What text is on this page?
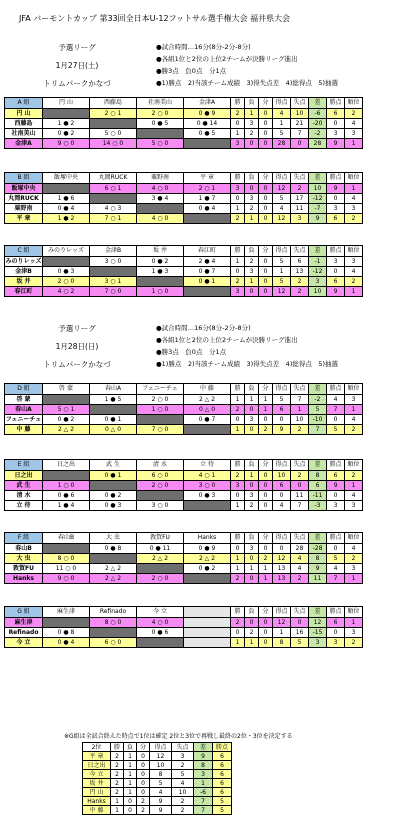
JFA バーモントカップ 第33回全日本U-12フットサル選手権大会 福井県大会
予選リーグ
1月27日(土)
トリムパークかなづ
●試合時間…16分(8分-2分-8分)
●各組1位と2位の上位2チームが決勝リーグ進出
●勝3点　負0点　分1点
●1)勝点　2)当該チーム成績　3)得失点差　4)総得点　5)抽選
予選リーグ
1月28日(日)
トリムパークかなづ
●試合時間…16分(8分-2分-8分)
●各組1位と2位の上位2チームが決勝リーグ進出
●勝3点　負0点　分1点
●1)勝点　2)当該チーム成績　3)得失点差　4)総得点　5)抽選
A 組	円 山	西藤島	社南美山	金津A	勝	負	分	得点	失点	差	勝点	順位
円 山		2 ○ 1	2 ○ 0	0 ● 9	2	1	0	4	10	-6	6	2
西藤島	1 ● 2		0 ● 5	0 ● 14	0	3	0	1	21	-20	0	4
社南美山	0 ● 2	5 ○ 0		0 ● 5	1	2	0	5	7	-2	3	3
金津A	9 ○ 0	14 ○ 0	5 ○ 0		3	0	0	28	0	28	9	1
B 組	飯塚中央	丸岡RUCK	粟野南	平 章	勝	負	分	得点	失点	差	勝点	順位
飯塚中央		6 ○ 1	4 ○ 0	2 ○ 1	3	0	0	12	2	10	9	1
丸岡RUCK	1 ● 6		3 ● 4	1 ● 7	0	3	0	5	17	-12	0	4
粟野南	0 ● 4	4 ○ 3		0 ● 4	1	2	0	4	11	-7	3	3
平 章	1 ● 2	7 ○ 1	4 ○ 0		2	1	0	12	3	9	6	2
C 組	みのりレッズ	金津B	坂 井	春江町	勝	負	分	得点	失点	差	勝点	順位
みのりレッズ		3 ○ 0	0 ● 2	2 ● 4	1	2	0	5	6	-1	3	3
金津B	0 ● 3		1 ● 3	0 ● 7	0	3	0	1	13	-12	0	4
坂 井	2 ○ 0	3 ○ 1		0 ● 1	2	1	0	5	2	3	6	2
春江町	4 ○ 2	7 ○ 0	1 ○ 0		3	0	0	12	2	10	9	1
D 組	啓 蒙	春山A	フェニーチェ	中 藤	勝	負	分	得点	失点	差	勝点	順位
啓 蒙		1 ● 5	2 ○ 0	2 △ 2	1	1	1	5	7	-2	4	3
春山A	5 ○ 1		1 ○ 0	0 △ 0	2	0	1	6	1	5	7	1
フェニーチェ	0 ● 2	0 ● 1		0 ● 7	0	3	0	0	10	-10	0	4
中 藤	2 △ 2	0 △ 0	7 ○ 0		1	0	2	9	2	7	5	2
E 組	日之出	武 生	清 水	立 待	勝	負	分	得点	失点	差	勝点	順位
日之出		0 ● 1	6 ○ 0	4 ○ 1	2	1	0	10	2	8	6	2
武 生	1 ○ 0		2 ○ 0	3 ○ 0	3	0	0	6	0	6	9	1
清 水	0 ● 6	0 ● 2		0 ● 3	0	3	0	0	11	-11	0	4
立 待	1 ● 4	0 ● 3	3 ○ 0		1	2	0	4	7	-3	3	3
F 組	春山B	大 虫	敦賀FU	Hanks	勝	負	分	得点	失点	差	勝点	順位
春山B		0 ● 8	0 ● 11	0 ● 9	0	3	0	0	28	-28	0	4
大 虫	8 ○ 0		2 △ 2	2 △ 2	1	0	2	12	4	8	5	2
敦賀FU	11 ○ 0	2 △ 2		0 ● 2	1	1	1	13	4	9	4	3
Hanks	9 ○ 0	2 △ 2	2 ○ 0		2	0	1	13	2	11	7	1
G 組	麻生津	Refinado	今 立		勝	負	分	得点	失点	差	勝点	順位
麻生津		8 ○ 0	4 ○ 0		2	0	0	12	0	12	6	1
Refinado	0 ● 8		0 ● 6		0	2	0	1	16	-15	0	3
今 立	0 ● 4	6 ○ 0			1	1	0	8	5	3	3	2
※G組は全試合終えた時点で1位は確定 2位と3位で再戦し最終の2位・3位を決定する
2位	勝	負	分	得点	失点	差	勝点
平 章	2	1	0	12	3	9	6
日之出	2	1	0	10	2	8	6
今 立	2	1	0	8	5	3	6
坂 井	2	1	0	5	4	1	6
円 山	2	1	0	4	10	-6	6
Hanks	1	0	2	9	2	7	5
中 藤	1	0	2	9	2	7	5
